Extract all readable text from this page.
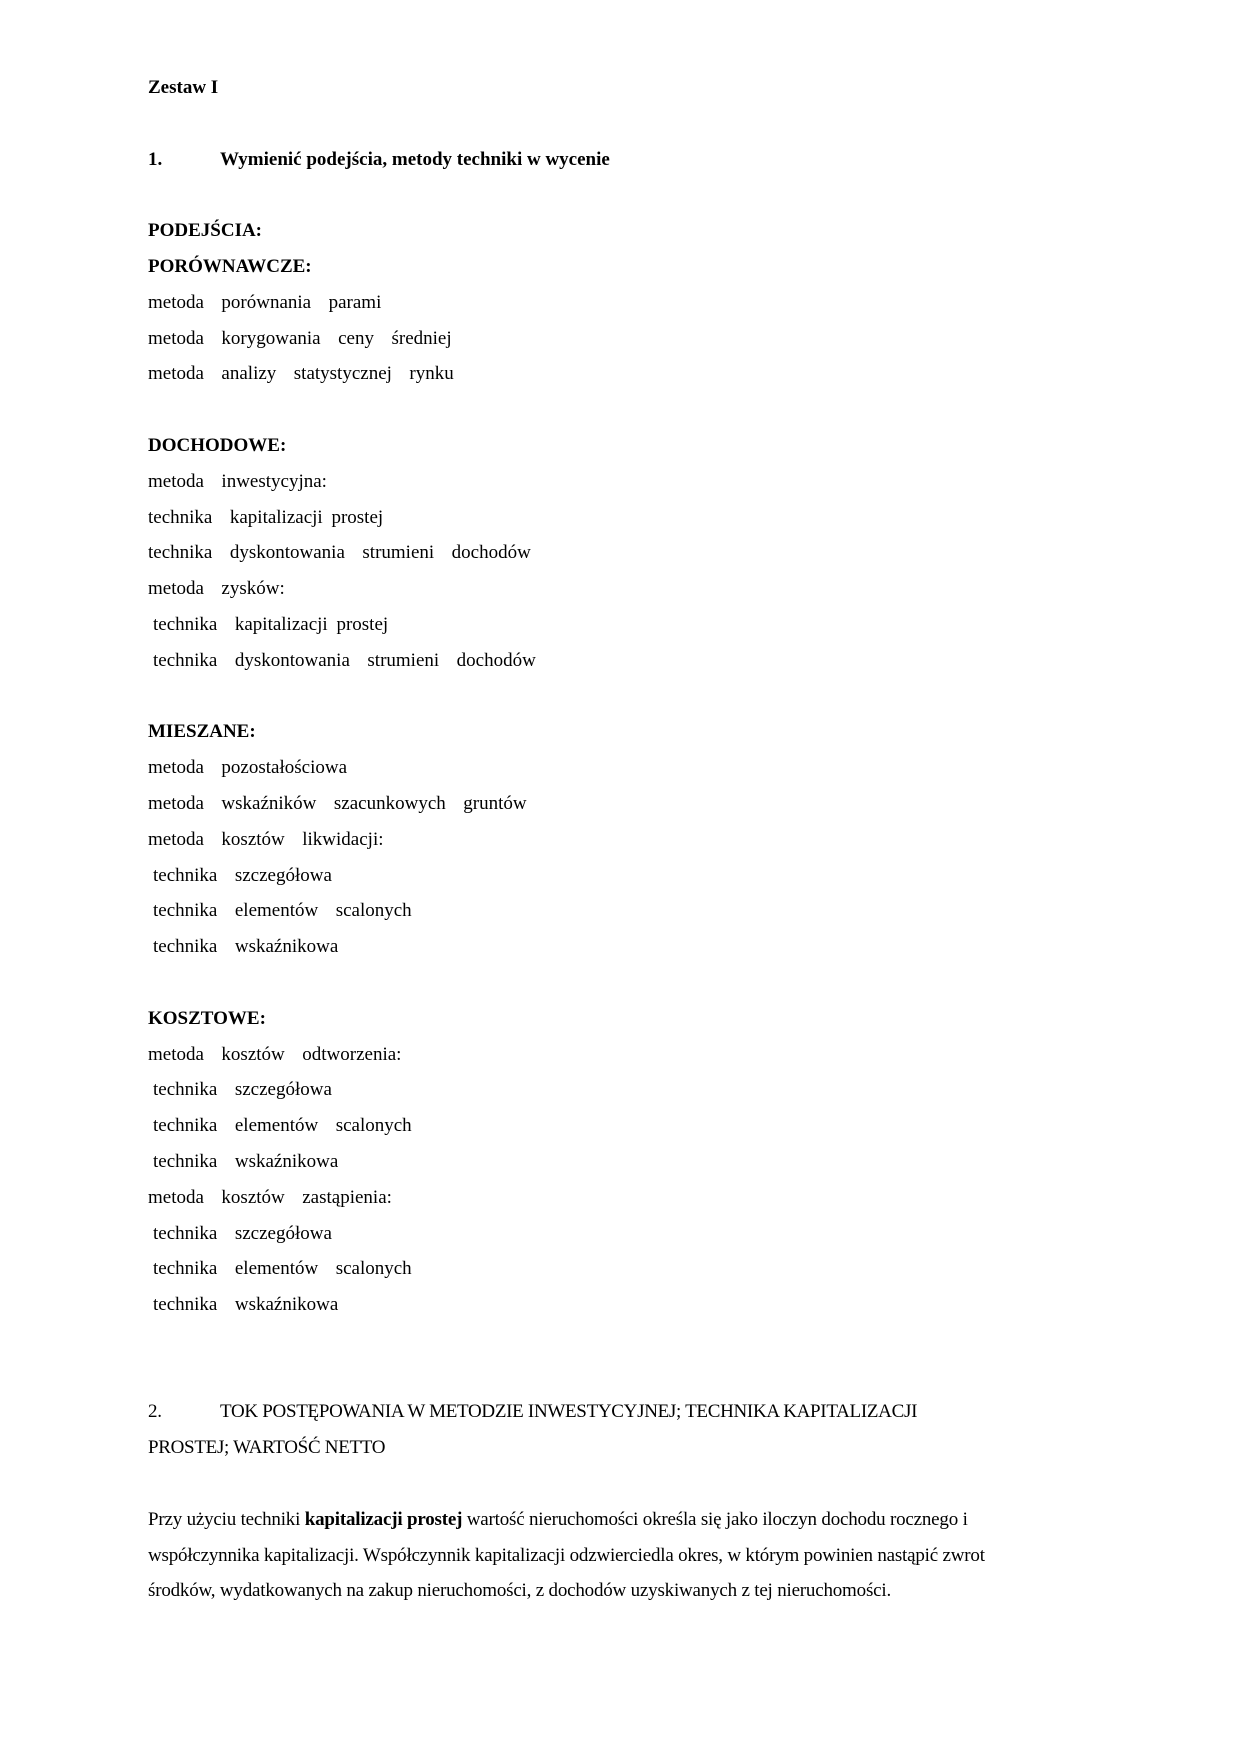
Zestaw I
1.	Wymienić podejścia, metody techniki w wycenie
PODEJŚCIA:
PORÓWNAWCZE:
metoda  porównania  parami
metoda  korygowania  ceny  średniej
metoda  analizy  statystycznej  rynku
DOCHODOWE:
metoda  inwestycyjna:
technika  kapitalizacji prostej
technika  dyskontowania  strumieni  dochodów
metoda  zysków:
technika  kapitalizacji prostej
technika  dyskontowania  strumieni  dochodów
MIESZANE:
metoda  pozostałościowa
metoda  wskaźników  szacunkowych  gruntów
metoda  kosztów  likwidacji:
technika  szczegółowa
technika  elementów  scalonych
technika  wskaźnikowa
KOSZTOWE:
metoda  kosztów  odtworzenia:
technika  szczegółowa
technika  elementów  scalonych
technika  wskaźnikowa
metoda  kosztów  zastąpienia:
technika  szczegółowa
technika  elementów  scalonych
technika  wskaźnikowa
2.	TOK POSTĘPOWANIA W METODZIE INWESTYCYJNEJ; TECHNIKA KAPITALIZACJI
PROSTEJ; WARTOŚĆ NETTO
Przy użyciu techniki kapitalizacji prostej wartość nieruchomości określa się jako iloczyn dochodu rocznego i
współczynnika kapitalizacji. Współczynnik kapitalizacji odzwierciedla okres, w którym powinien nastąpić zwrot
środków, wydatkowanych na zakup nieruchomości, z dochodów uzyskiwanych z tej nieruchomości.
